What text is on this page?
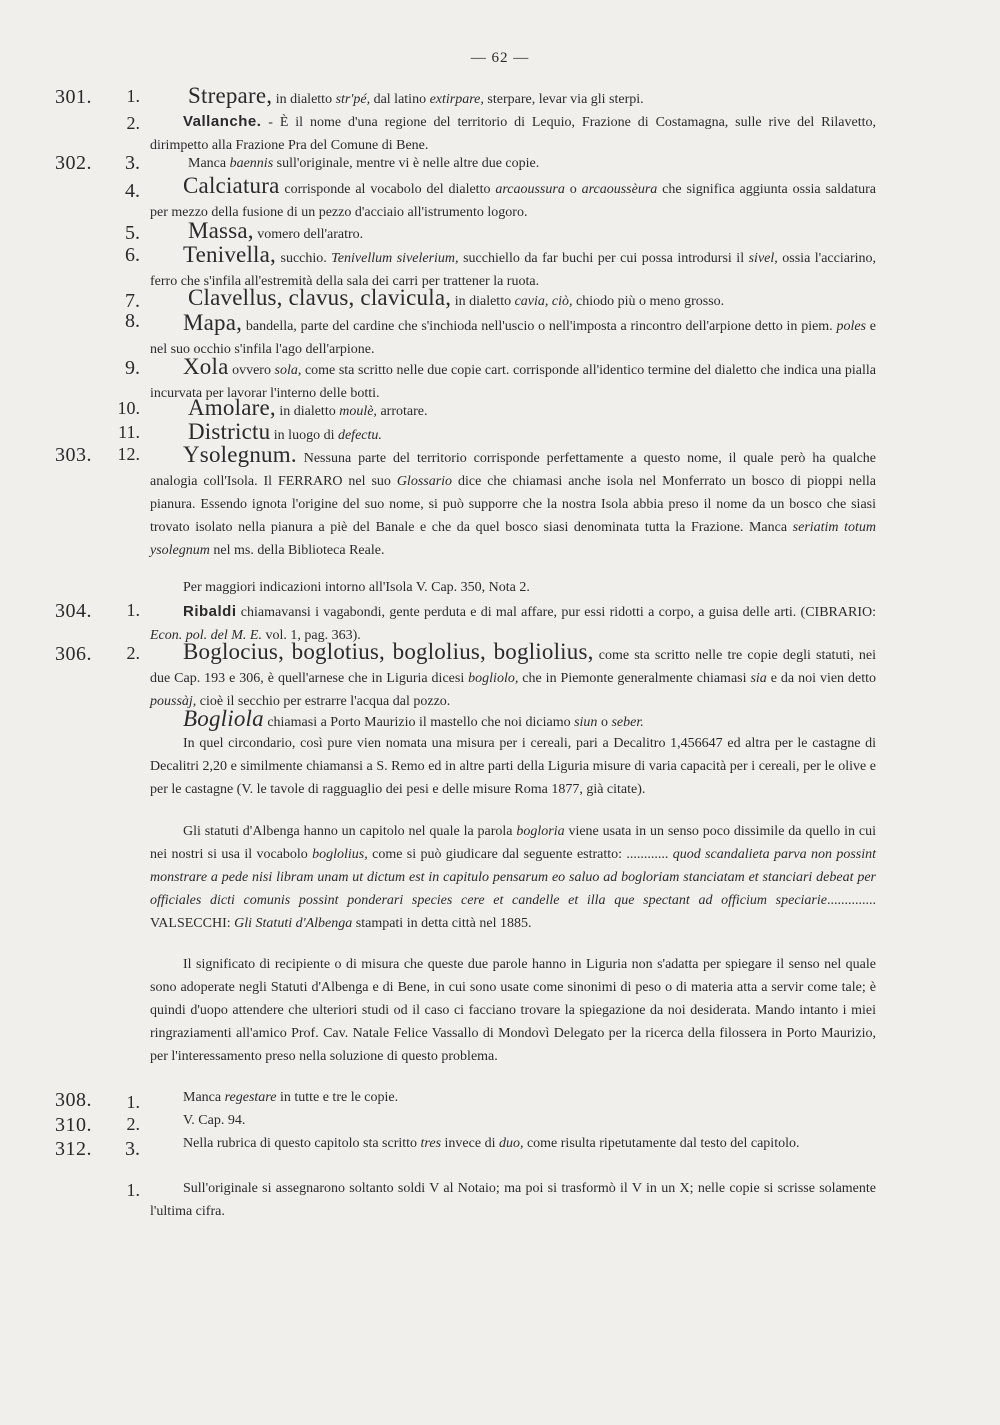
— 62 —
301.
302.
303.
304.
306.
308.
310.
312.
1.
2.
3.
4.
5.
6.
7.
8.
9.
10.
11.
12.
1.
2.
1.
2.
3.
1.
Strepare, in dialetto str'pé, dal latino extirpare, sterpare, levar via gli sterpi.
Vallanche. - È il nome d'una regione del territorio di Lequio, Frazione di Costamagna, sulle rive del Rilavetto, dirimpetto alla Frazione Pra del Comune di Bene.
Manca baennis sull'originale, mentre vi è nelle altre due copie.
Calciatura corrisponde al vocabolo del dialetto arcaoussura o arcaoussèura che significa aggiunta ossia saldatura per mezzo della fusione di un pezzo d'acciaio all'istrumento logoro.
Massa, vomero dell'aratro.
Tenivella, succhio. Tenivellum sivelerium, succhiello da far buchi per cui possa introdursi il sivel, ossia l'acciarino, ferro che s'infila all'estremità della sala dei carri per trattener la ruota.
Clavellus, clavus, clavicula, in dialetto cavia, ciò, chiodo più o meno grosso.
Mapa, bandella, parte del cardine che s'inchioda nell'uscio o nell'imposta a rincontro dell'arpione detto in piem. poles e nel suo occhio s'infila l'ago dell'arpione.
Xola ovvero sola, come sta scritto nelle due copie cart. corrisponde all'identico termine del dialetto che indica una pialla incurvata per lavorar l'interno delle botti.
Amolare, in dialetto moulè, arrotare.
Districtu in luogo di defectu.
Ysolegnum. Nessuna parte del territorio corrisponde perfettamente a questo nome, il quale però ha qualche analogia coll'Isola. Il FERRARO nel suo Glossario dice che chiamasi anche isola nel Monferrato un bosco di pioppi nella pianura. Essendo ignota l'origine del suo nome, si può supporre che la nostra Isola abbia preso il nome da un bosco che siasi trovato isolato nella pianura a piè del Banale e che da quel bosco siasi denominata tutta la Frazione. Manca seriatim totum ysolegnum nel ms. della Biblioteca Reale.
Per maggiori indicazioni intorno all'Isola V. Cap. 350, Nota 2.
Ribaldi chiamavansi i vagabondi, gente perduta e di mal affare, pur essi ridotti a corpo, a guisa delle arti. (CIBRARIO: Econ. pol. del M. E. vol. 1, pag. 363).
Boglocius, boglotius, boglolius, bogliolius, come sta scritto nelle tre copie degli statuti, nei due Cap. 193 e 306, è quell'arnese che in Liguria dicesi bogliolo, che in Piemonte generalmente chiamasi sia e da noi vien detto poussàj, cioè il secchio per estrarre l'acqua dal pozzo.
Bogliola chiamasi a Porto Maurizio il mastello che noi diciamo siun o seber.
In quel circondario, così pure vien nomata una misura per i cereali, pari a Decalitro 1,456647 ed altra per le castagne di Decalitri 2,20 e similmente chiamansi a S. Remo ed in altre parti della Liguria misure di varia capacità per i cereali, per le olive e per le castagne (V. le tavole di ragguaglio dei pesi e delle misure Roma 1877, già citate).
Gli statuti d'Albenga hanno un capitolo nel quale la parola bogloria viene usata in un senso poco dissimile da quello in cui nei nostri si usa il vocabolo boglolius, come si può giudicare dal seguente estratto: ............ quod scandalieta parva non possint monstrare a pede nisi libram unam ut dictum est in capitulo pensarum eo saluo ad bogloriam stanciatam et stanciari debeat per officiales dicti comunis possint ponderari species cere et candelle et illa que spectant ad officium speciarie.............. VALSECCHI: Gli Statuti d'Albenga stampati in detta città nel 1885.
Il significato di recipiente o di misura che queste due parole hanno in Liguria non s'adatta per spiegare il senso nel quale sono adoperate negli Statuti d'Albenga e di Bene, in cui sono usate come sinonimi di peso o di materia atta a servir come tale; è quindi d'uopo attendere che ulteriori studi od il caso ci facciano trovare la spiegazione da noi desiderata. Mando intanto i miei ringraziamenti all'amico Prof. Cav. Natale Felice Vassallo di Mondovì Delegato per la ricerca della filossera in Porto Maurizio, per l'interessamento preso nella soluzione di questo problema.
Manca regestare in tutte e tre le copie.
V. Cap. 94.
Nella rubrica di questo capitolo sta scritto tres invece di duo, come risulta ripetutamente dal testo del capitolo.
Sull'originale si assegnarono soltanto soldi V al Notaio; ma poi si trasformò il V in un X; nelle copie si scrisse solamente l'ultima cifra.
